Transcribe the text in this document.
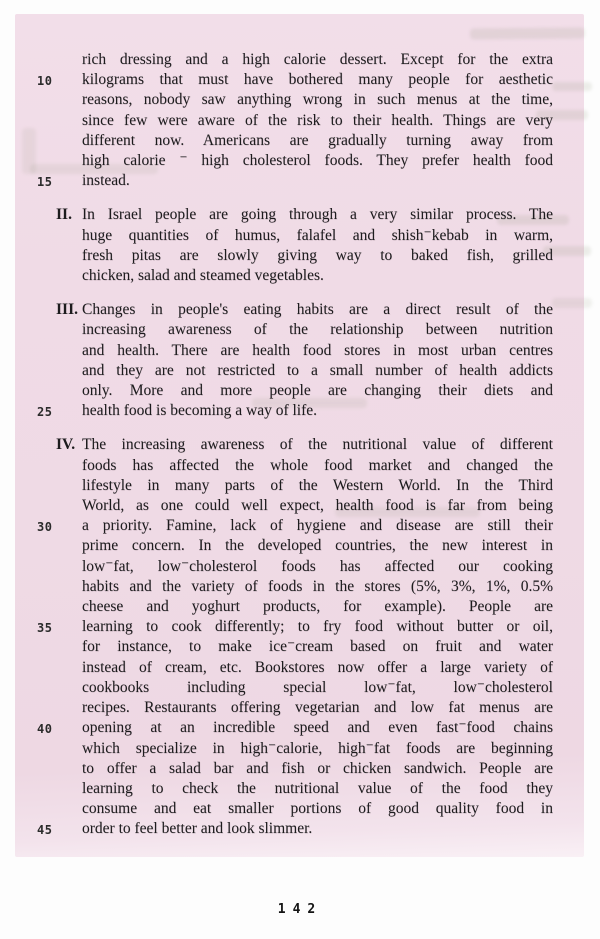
rich dressing and a high calorie dessert. Except for the extra
10 kilograms that must have bothered many people for aesthetic
reasons, nobody saw anything wrong in such menus at the time,
since few were aware of the risk to their health. Things are very
different now. Americans are gradually turning away from
high calorie ⁻ high cholesterol foods. They prefer health food
15 instead.
II. In Israel people are going through a very similar process. The
huge quantities of humus, falafel and shish⁻kebab in warm,
fresh pitas are slowly giving way to baked fish, grilled
chicken, salad and steamed vegetables.
III. Changes in people's eating habits are a direct result of the
increasing awareness of the relationship between nutrition
and health. There are health food stores in most urban centres
and they are not restricted to a small number of health addicts
only. More and more people are changing their diets and
25 health food is becoming a way of life.
IV. The increasing awareness of the nutritional value of different
foods has affected the whole food market and changed the
lifestyle in many parts of the Western World. In the Third
World, as one could well expect, health food is far from being
30 a priority. Famine, lack of hygiene and disease are still their
prime concern. In the developed countries, the new interest in
low⁻fat, low⁻cholesterol foods has affected our cooking
habits and the variety of foods in the stores (5%, 3%, 1%, 0.5%
cheese and yoghurt products, for example). People are
35 learning to cook differently; to fry food without butter or oil,
for instance, to make ice⁻cream based on fruit and water
instead of cream, etc. Bookstores now offer a large variety of
cookbooks including special low⁻fat, low⁻cholesterol
recipes. Restaurants offering vegetarian and low fat menus are
40 opening at an incredible speed and even fast⁻food chains
which specialize in high⁻calorie, high⁻fat foods are beginning
to offer a salad bar and fish or chicken sandwich. People are
learning to check the nutritional value of the food they
consume and eat smaller portions of good quality food in
45 order to feel better and look slimmer.
142
